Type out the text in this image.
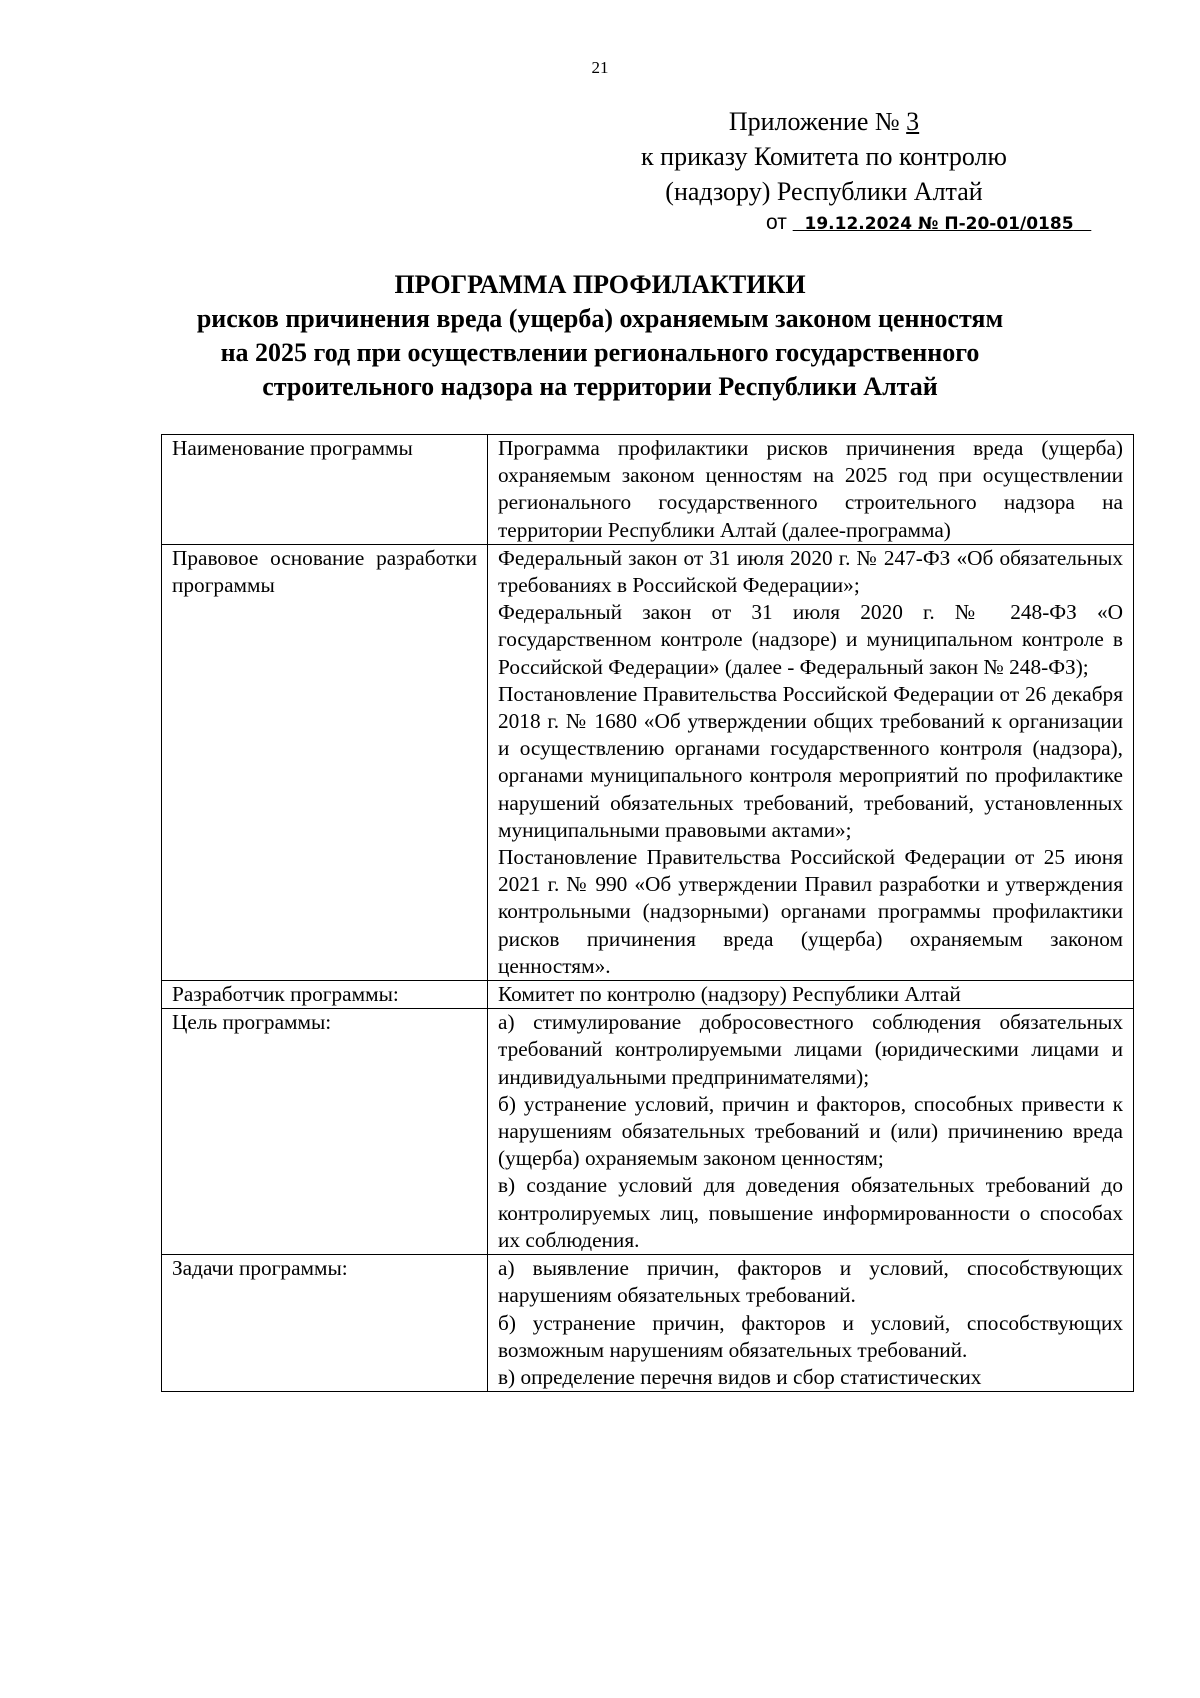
21
Приложение № 3
к приказу Комитета по контролю
(надзору) Республики Алтай
от   19.12.2024 № П-20-01/0185
ПРОГРАММА ПРОФИЛАКТИКИ
рисков причинения вреда (ущерба) охраняемым законом ценностям
на 2025 год при осуществлении регионального государственного
строительного надзора на территории Республики Алтай
Наименование программы	Программа профилактики рисков причинения вреда (ущерба) охраняемым законом ценностям на 2025 год при осуществлении регионального государственного строительного надзора на территории Республики Алтай (далее-программа)

Правовое основание разработки программы	Федеральный закон от 31 июля 2020 г. № 247-ФЗ «Об обязательных требованиях в Российской Федерации»;
Федеральный закон от 31 июля 2020 г. № 248-ФЗ «О государственном контроле (надзоре) и муниципальном контроле в Российской Федерации» (далее - Федеральный закон № 248-ФЗ);
Постановление Правительства Российской Федерации от 26 декабря 2018 г. № 1680 «Об утверждении общих требований к организации и осуществлению органами государственного контроля (надзора), органами муниципального контроля мероприятий по профилактике нарушений обязательных требований, требований, установленных муниципальными правовыми актами»;
Постановление Правительства Российской Федерации от 25 июня 2021 г. № 990 «Об утверждении Правил разработки и утверждения контрольными (надзорными) органами программы профилактики рисков причинения вреда (ущерба) охраняемым законом ценностям».

Разработчик программы:	Комитет по контролю (надзору) Республики Алтай

Цель программы:	а) стимулирование добросовестного соблюдения обязательных требований контролируемыми лицами (юридическими лицами и индивидуальными предпринимателями);
б) устранение условий, причин и факторов, способных привести к нарушениям обязательных требований и (или) причинению вреда (ущерба) охраняемым законом ценностям;
в) создание условий для доведения обязательных требований до контролируемых лиц, повышение информированности о способах их соблюдения.

Задачи программы:	а) выявление причин, факторов и условий, способствующих нарушениям обязательных требований.
б) устранение причин, факторов и условий, способствующих возможным нарушениям обязательных требований.
в) определение перечня видов и сбор статистических
